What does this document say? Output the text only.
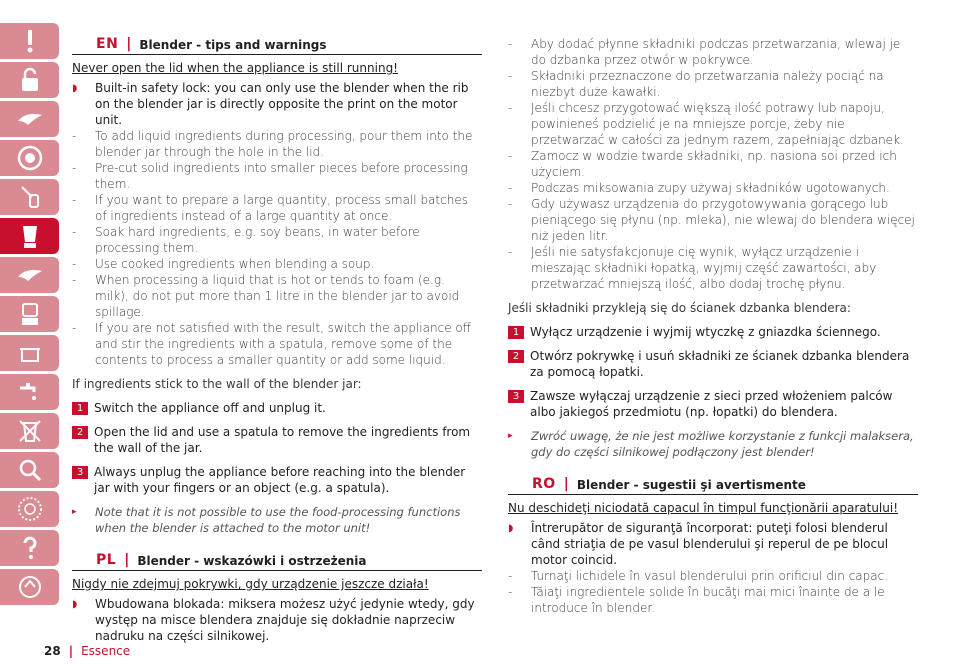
EN | Blender - tips and warnings
Never open the lid when the appliance is still running!
◗	Built-in safety lock: you can only use the blender when the rib on the blender jar is directly opposite the print on the motor unit.
-	To add liquid ingredients during processing, pour them into the blender jar through the hole in the lid.
-	Pre-cut solid ingredients into smaller pieces before processing them.
-	If you want to prepare a large quantity, process small batches of ingredients instead of a large quantity at once.
-	Soak hard ingredients, e.g. soy beans, in water before processing them.
-	Use cooked ingredients when blending a soup.
-	When processing a liquid that is hot or tends to foam (e.g. milk), do not put more than 1 litre in the blender jar to avoid spillage.
-	If you are not satisfied with the result, switch the appliance off and stir the ingredients with a spatula, remove some of the contents to process a smaller quantity or add some liquid.
If ingredients stick to the wall of the blender jar:
1 Switch the appliance off and unplug it.
2 Open the lid and use a spatula to remove the ingredients from the wall of the jar.
3 Always unplug the appliance before reaching into the blender jar with your fingers or an object (e.g. a spatula).
▸	Note that it is not possible to use the food-processing functions when the blender is attached to the motor unit!
PL | Blender - wskazówki i ostrzeżenia
Nigdy nie zdejmuj pokrywki, gdy urządzenie jeszcze działa!
◗	Wbudowana blokada: miksera możesz użyć jedynie wtedy, gdy występ na misce blendera znajduje się dokładnie naprzeciw nadruku na części silnikowej.
-	Aby dodać płynne składniki podczas przetwarzania, wlewaj je do dzbanka przez otwór w pokrywce.
-	Składniki przeznaczone do przetwarzania należy pociąć na niezbyt duże kawałki.
-	Jeśli chcesz przygotować większą ilość potrawy lub napoju, powinieneś podzielić je na mniejsze porcje, żeby nie przetwarzać w całości za jednym razem, zapełniając dzbanek.
-	Zamocz w wodzie twarde składniki, np. nasiona soi przed ich użyciem.
-	Podczas miksowania zupy używaj składników ugotowanych.
-	Gdy używasz urządzenia do przygotowywania gorącego lub pieniącego się płynu (np. mleka), nie wlewaj do blendera więcej niż jeden litr.
-	Jeśli nie satysfakcjonuje cię wynik, wyłącz urządzenie i mieszając składniki łopatką, wyjmij część zawartości, aby przetwarzać mniejszą ilość, albo dodaj trochę płynu.
Jeśli składniki przykleją się do ścianek dzbanka blendera:
1 Wyłącz urządzenie i wyjmij wtyczkę z gniazdka ściennego.
2 Otwórz pokrywkę i usuń składniki ze ścianek dzbanka blendera za pomocą łopatki.
3 Zawsze wyłączaj urządzenie z sieci przed włożeniem palców albo jakiegoś przedmiotu (np. łopatki) do blendera.
▸	Zwróć uwagę, że nie jest możliwe korzystanie z funkcji malaksera, gdy do części silnikowej podłączony jest blender!
RO | Blender - sugestii şi avertismente
Nu deschideţi niciodată capacul în timpul funcţionării aparatului!
◗	Întrerupător de siguranţă încorporat: puteţi folosi blenderul când striaţia de pe vasul blenderului şi reperul de pe blocul motor coincid.
-	Turnaţi lichidele în vasul blenderului prin orificiul din capac.
-	Tăiaţi ingredientele solide în bucăţi mai mici înainte de a le introduce în blender.
28 | Essence
